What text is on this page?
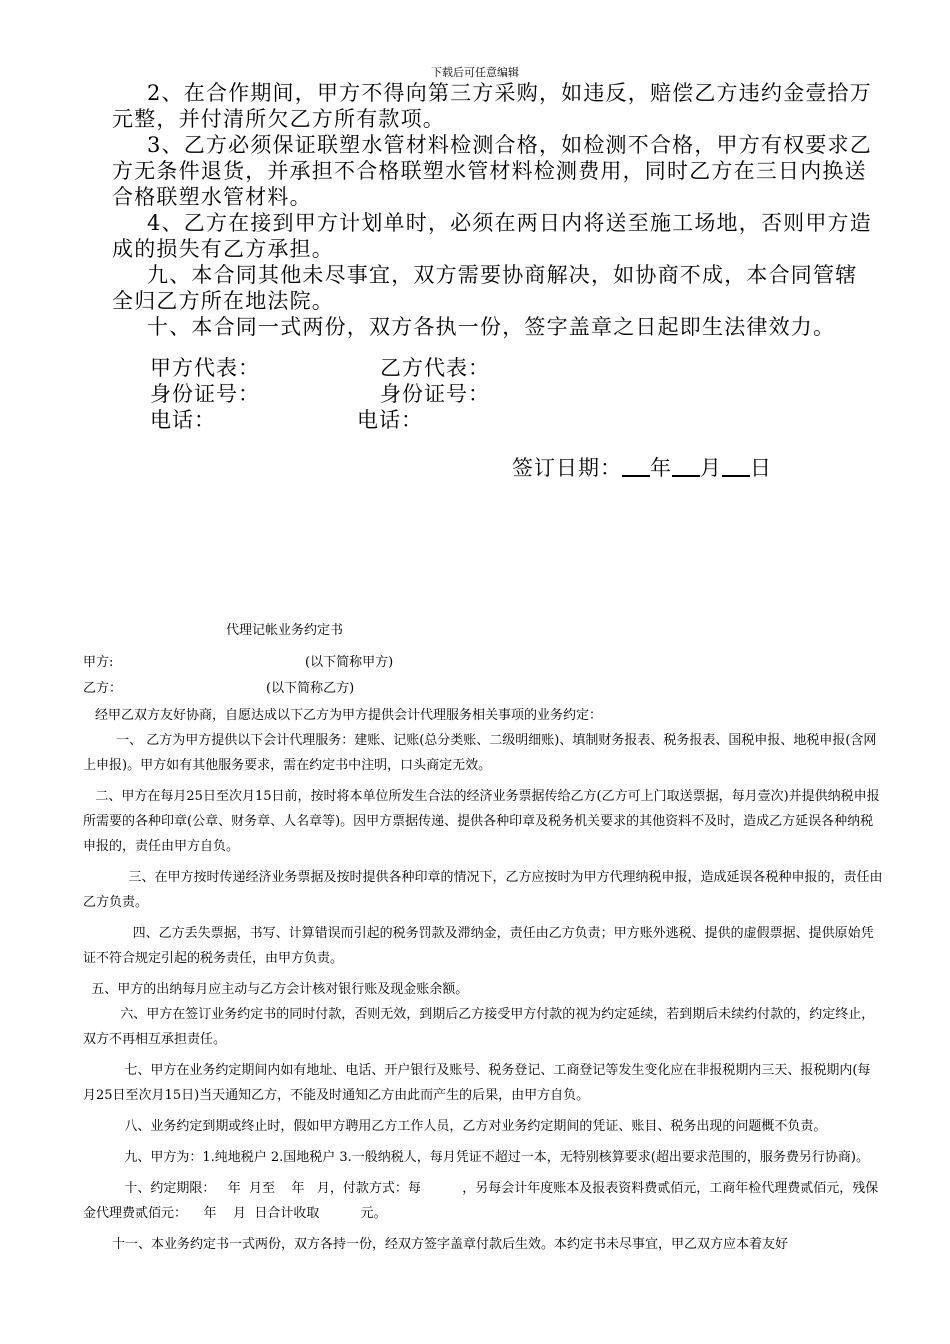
下载后可任意编辑

2、在合作期间，甲方不得向第三方采购，如违反，赔偿乙方违约金壹拾万元整，并付清所欠乙方所有款项。

3、乙方必须保证联塑水管材料检测合格，如检测不合格，甲方有权要求乙方无条件退货，并承担不合格联塑水管材料检测费用，同时乙方在三日内换送合格联塑水管材料。

4、乙方在接到甲方计划单时，必须在两日内将送至施工场地，否则甲方造成的损失有乙方承担。

九、本合同其他未尽事宜，双方需要协商解决，如协商不成，本合同管辖全归乙方所在地法院。

十、本合同一式两份，双方各执一份，签字盖章之日起即生法律效力。

甲方代表：	乙方代表：
身份证号：	身份证号：
电话：	电话：
签订日期： 年 月 日
代理记帐业务约定书
甲方:	(以下简称甲方)
乙方：	(以下简称乙方)

经甲乙双方友好协商，自愿达成以下乙方为甲方提供会计代理服务相关事项的业务约定：

一、 乙方为甲方提供以下会计代理服务：建账、记账(总分类账、二级明细账)、填制财务报表、税务报表、国税申报、地税申报(含网上申报)。甲方如有其他服务要求，需在约定书中注明，口头商定无效。

二、甲方在每月25日至次月15日前，按时将本单位所发生合法的经济业务票据传给乙方(乙方可上门取送票据，每月壹次)并提供纳税申报所需要的各种印章(公章、财务章、人名章等)。因甲方票据传递、提供各种印章及税务机关要求的其他资料不及时，造成乙方延误各种纳税申报的，责任由甲方自负。

三、在甲方按时传递经济业务票据及按时提供各种印章的情况下，乙方应按时为甲方代理纳税申报，造成延误各税种申报的，责任由乙方负责。

四、乙方丢失票据，书写、计算错误而引起的税务罚款及滞纳金，责任由乙方负责；甲方账外逃税、提供的虚假票据、提供原始凭证不符合规定引起的税务责任，由甲方负责。

五、甲方的出纳每月应主动与乙方会计核对银行账及现金账余额。

六、甲方在签订业务约定书的同时付款，否则无效，到期后乙方接受甲方付款的视为约定延续，若到期后未续约付款的，约定终止，双方不再相互承担责任。

七、甲方在业务约定期间内如有地址、电话、开户银行及账号、税务登记、工商登记等发生变化应在非报税期内三天、报税期内(每月25日至次月15日)当天通知乙方，不能及时通知乙方由此而产生的后果，由甲方自负。

八、业务约定到期或终止时，假如甲方聘用乙方工作人员，乙方对业务约定期间的凭证、账目、税务出现的问题概不负责。

九、甲方为：1.纯地税户 2.国地税户 3.一般纳税人，每月凭证不超过一本，无特别核算要求(超出要求范围的，服务费另行协商)。

十、约定期限：   年  月至    年   月，付款方式：每          ，另每会计年度账本及报表资料费贰佰元，工商年检代理费贰佰元，残保金代理费贰佰元：    年    月  日合计收取          元。

十一、本业务约定书一式两份，双方各持一份，经双方签字盖章付款后生效。本约定书未尽事宜，甲乙双方应本着友好
